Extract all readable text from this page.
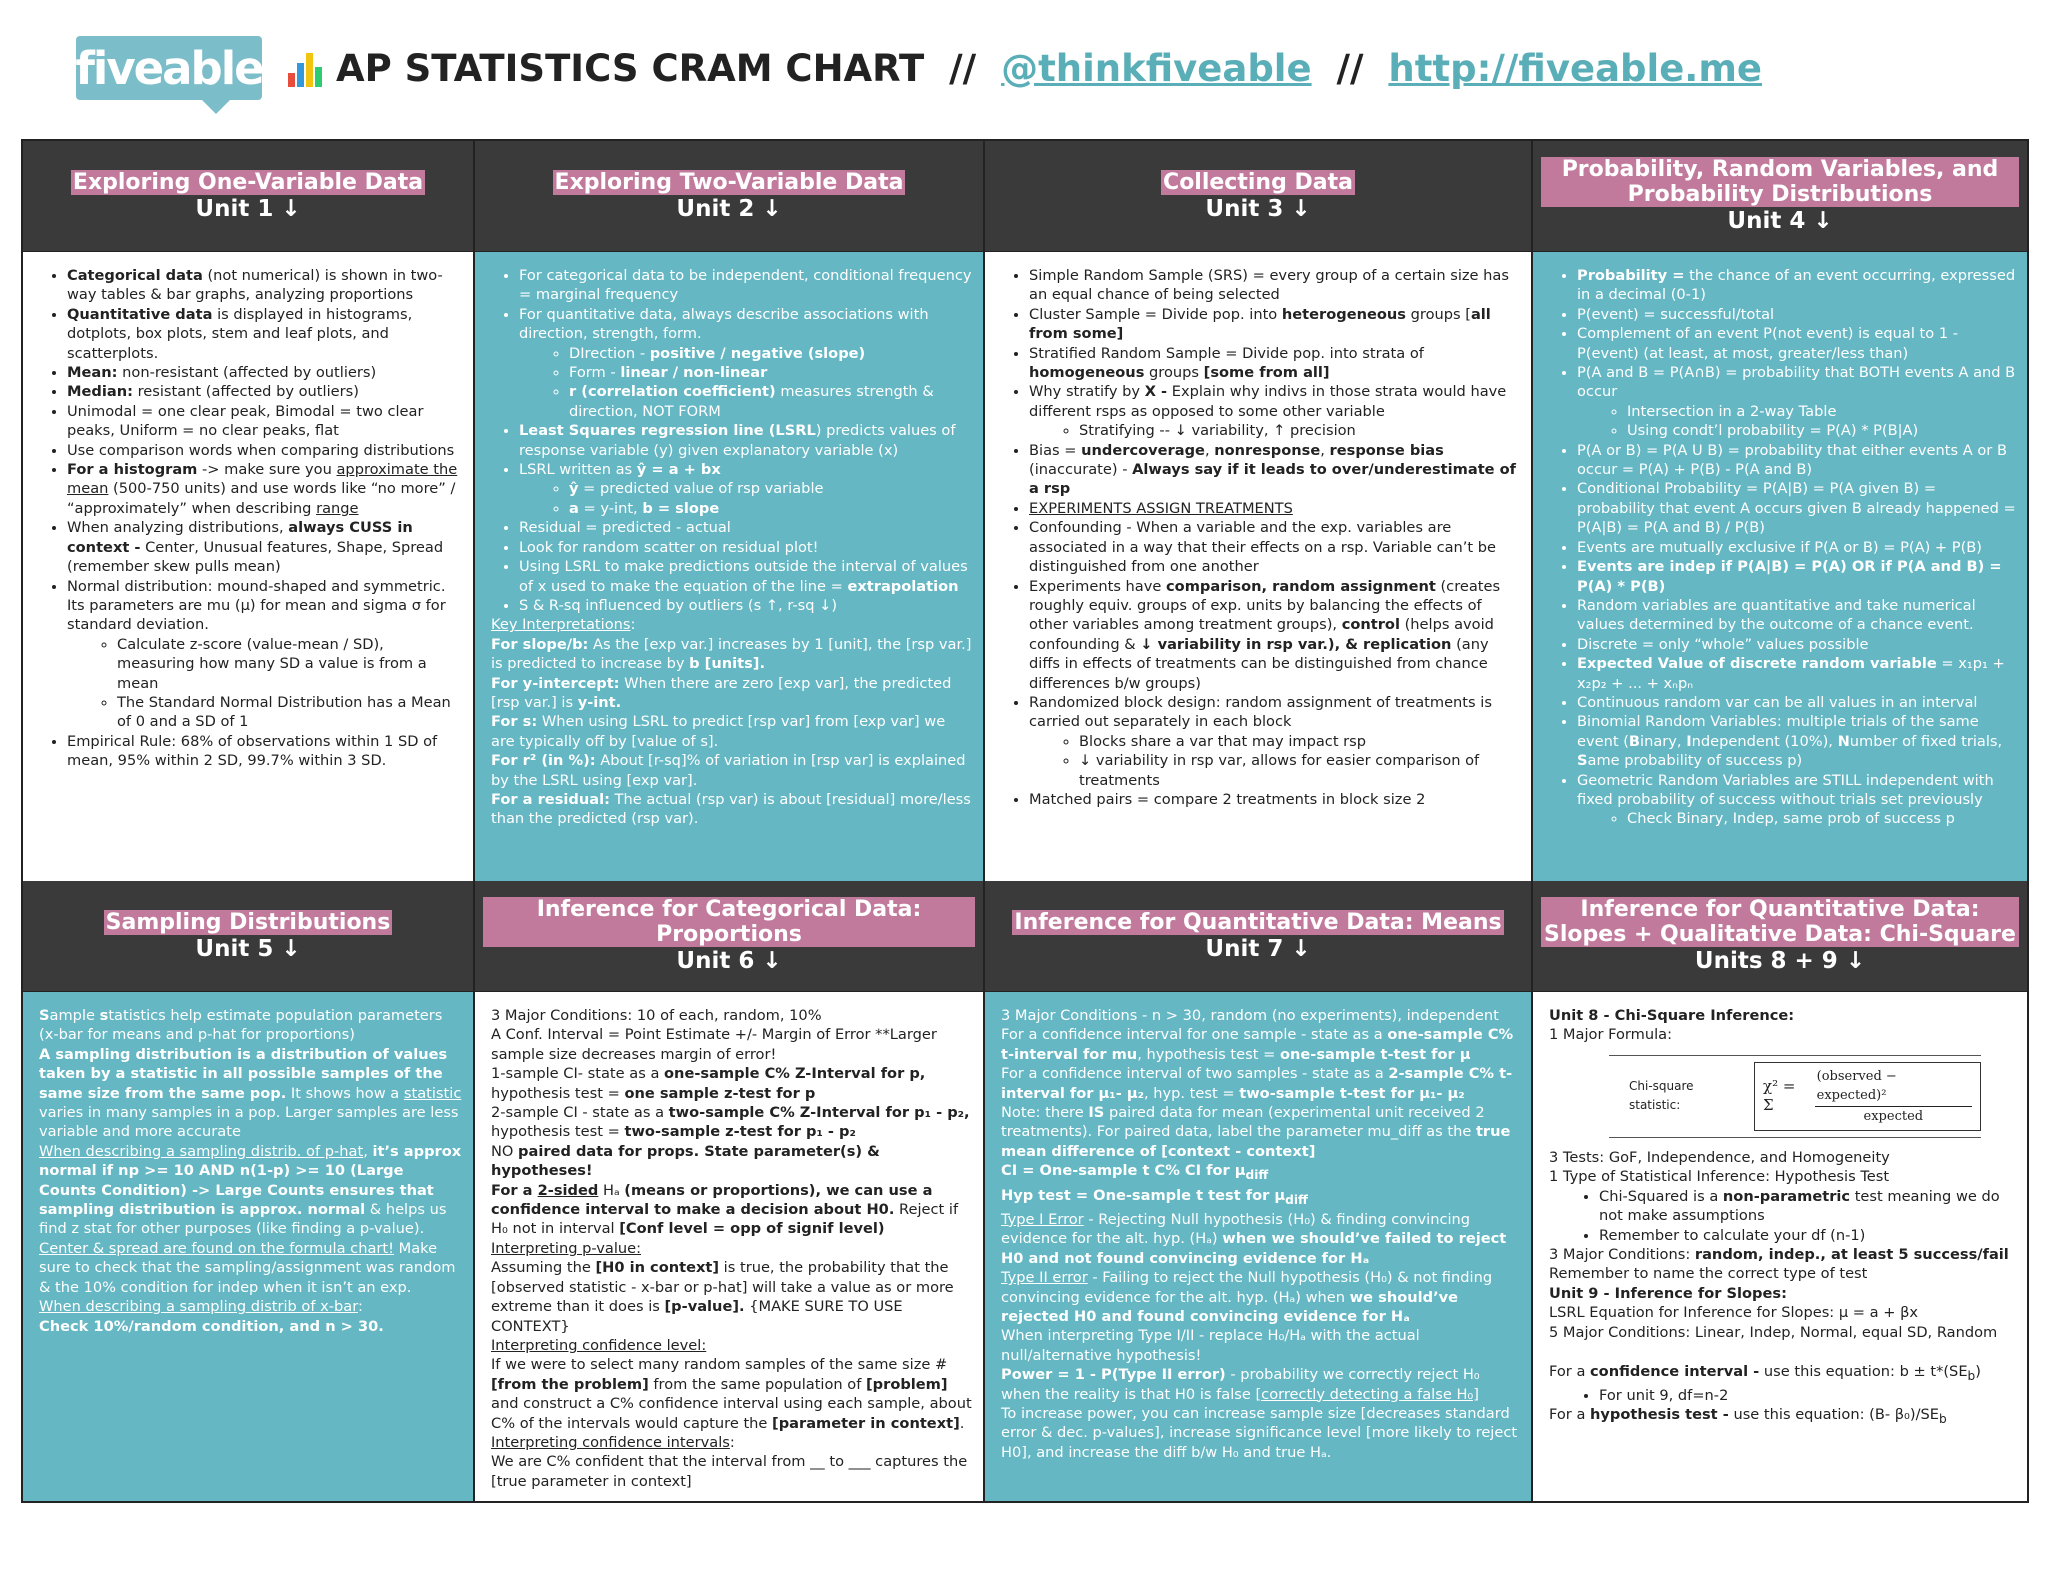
fiveable AP STATISTICS CRAM CHART // @thinkfiveable // http://fiveable.me
Exploring One-Variable Data
Unit 1 ↓
Exploring Two-Variable Data
Unit 2 ↓
Collecting Data
Unit 3 ↓
Probability, Random Variables, and Probability Distributions
Unit 4 ↓
• Categorical data (not numerical) is shown in two-way tables & bar graphs, analyzing proportions
• Quantitative data is displayed in histograms, dotplots, box plots, stem and leaf plots, and scatterplots.
• Mean: non-resistant (affected by outliers)
• Median: resistant (affected by outliers)
• Unimodal = one clear peak, Bimodal = two clear peaks, Uniform = no clear peaks, flat
• Use comparison words when comparing distributions
• For a histogram -> make sure you approximate the mean (500-750 units) and use words like “no more” / “approximately” when describing range
• When analyzing distributions, always CUSS in context - Center, Unusual features, Shape, Spread (remember skew pulls mean)
• Normal distribution: mound-shaped and symmetric. Its parameters are mu (μ) for mean and sigma σ for standard deviation.
◦ Calculate z-score (value-mean / SD), measuring how many SD a value is from a mean
◦ The Standard Normal Distribution has a Mean of 0 and a SD of 1
• Empirical Rule: 68% of observations within 1 SD of mean, 95% within 2 SD, 99.7% within 3 SD.
• For categorical data to be independent, conditional frequency = marginal frequency
• For quantitative data, always describe associations with direction, strength, form.
◦ DIrection - positive / negative (slope)
◦ Form - linear / non-linear
◦ r (correlation coefficient) measures strength & direction, NOT FORM
• Least Squares regression line (LSRL) predicts values of response variable (y) given explanatory variable (x)
• LSRL written as ŷ = a + bx
◦ ŷ = predicted value of rsp variable
◦ a = y-int, b = slope
• Residual = predicted - actual
• Look for random scatter on residual plot!
• Using LSRL to make predictions outside the interval of values of x used to make the equation of the line = extrapolation
• S & R-sq influenced by outliers (s ↑, r-sq ↓)

Key Interpretations:

For slope/b: As the [exp var.] increases by 1 [unit], the [rsp var.] is predicted to increase by b [units].

For y-intercept: When there are zero [exp var], the predicted [rsp var.] is y-int.

For s: When using LSRL to predict [rsp var] from [exp var] we are typically off by [value of s].

For r² (in %): About [r-sq]% of variation in [rsp var] is explained by the LSRL using [exp var].

For a residual: The actual (rsp var) is about [residual] more/less than the predicted (rsp var).

• Simple Random Sample (SRS) = every group of a certain size has an equal chance of being selected
• Cluster Sample = Divide pop. into heterogeneous groups [all from some]
• Stratified Random Sample = Divide pop. into strata of homogeneous groups [some from all]
• Why stratify by X - Explain why indivs in those strata would have different rsps as opposed to some other variable
◦ Stratifying -- ↓ variability, ↑ precision
• Bias = undercoverage, nonresponse, response bias (inaccurate) - Always say if it leads to over/underestimate of a rsp
• EXPERIMENTS ASSIGN TREATMENTS
• Confounding - When a variable and the exp. variables are associated in a way that their effects on a rsp. Variable can’t be distinguished from one another
• Experiments have comparison, random assignment (creates roughly equiv. groups of exp. units by balancing the effects of other variables among treatment groups), control (helps avoid confounding & ↓ variability in rsp var.), & replication (any diffs in effects of treatments can be distinguished from chance differences b/w groups)
• Randomized block design: random assignment of treatments is carried out separately in each block
◦ Blocks share a var that may impact rsp
◦ ↓ variability in rsp var, allows for easier comparison of treatments
• Matched pairs = compare 2 treatments in block size 2
• Probability = the chance of an event occurring, expressed in a decimal (0-1)
• P(event) = successful/total
• Complement of an event P(not event) is equal to 1 - P(event) (at least, at most, greater/less than)
• P(A and B = P(A∩B) = probability that BOTH events A and B occur
◦ Intersection in a 2-way Table
◦ Using condt’l probability = P(A) * P(B|A)
• P(A or B) = P(A U B) = probability that either events A or B occur = P(A) + P(B) - P(A and B)
• Conditional Probability = P(A|B) = P(A given B) = probability that event A occurs given B already happened = P(A|B) = P(A and B) / P(B)
• Events are mutually exclusive if P(A or B) = P(A) + P(B)
• Events are indep if P(A|B) = P(A) OR if P(A and B) = P(A) * P(B)
• Random variables are quantitative and take numerical values determined by the outcome of a chance event.
• Discrete = only “whole” values possible
• Expected Value of discrete random variable = x₁p₁ + x₂p₂ + ... + xₙpₙ
• Continuous random var can be all values in an interval
• Binomial Random Variables: multiple trials of the same event (Binary, Independent (10%), Number of fixed trials, Same probability of success p)
• Geometric Random Variables are STILL independent with fixed probability of success without trials set previously
◦ Check Binary, Indep, same prob of success p
Sampling Distributions
Unit 5 ↓
Inference for Categorical Data: Proportions
Unit 6 ↓
Inference for Quantitative Data: Means
Unit 7 ↓
Inference for Quantitative Data: Slopes + Qualitative Data: Chi-Square
Units 8 + 9 ↓

Sample statistics help estimate population parameters (x-bar for means and p-hat for proportions)

A sampling distribution is a distribution of values taken by a statistic in all possible samples of the same size from the same pop. It shows how a statistic varies in many samples in a pop. Larger samples are less variable and more accurate

When describing a sampling distrib. of p-hat, it’s approx normal if np >= 10 AND n(1-p) >= 10 (Large Counts Condition) -> Large Counts ensures that sampling distribution is approx. normal & helps us find z stat for other purposes (like finding a p-value).

Center & spread are found on the formula chart! Make sure to check that the sampling/assignment was random & the 10% condition for indep when it isn’t an exp.

When describing a sampling distrib of x-bar:

Check 10%/random condition, and n > 30.

3 Major Conditions: 10 of each, random, 10%

A Conf. Interval = Point Estimate +/- Margin of Error **Larger sample size decreases margin of error!

1-sample CI- state as a one-sample C% Z-Interval for p, hypothesis test = one sample z-test for p

2-sample CI - state as a two-sample C% Z-Interval for p₁ - p₂, hypothesis test = two-sample z-test for p₁ - p₂

NO paired data for props. State parameter(s) & hypotheses!

For a 2-sided Hₐ (means or proportions), we can use a confidence interval to make a decision about H0. Reject if H₀ not in interval [Conf level = opp of signif level)

Interpreting p-value:

Assuming the [H0 in context] is true, the probability that the [observed statistic - x-bar or p-hat] will take a value as or more extreme than it does is [p-value]. {MAKE SURE TO USE CONTEXT}

Interpreting confidence level:

If we were to select many random samples of the same size # [from the problem] from the same population of [problem] and construct a C% confidence interval using each sample, about C% of the intervals would capture the [parameter in context].

Interpreting confidence intervals:

We are C% confident that the interval from __ to ___ captures the [true parameter in context]

3 Major Conditions - n > 30, random (no experiments), independent

For a confidence interval for one sample - state as a one-sample C% t-interval for mu, hypothesis test = one-sample t-test for μ

For a confidence interval of two samples - state as a 2-sample C% t-interval for μ₁- μ₂, hyp. test = two-sample t-test for μ₁- μ₂

Note: there IS paired data for mean (experimental unit received 2 treatments). For paired data, label the parameter mu_diff as the true mean difference of [context - context]

CI = One-sample t C% CI for $\mu_{diff}$

Hyp test = One-sample t test for $\mu_{diff}$

Type I Error - Rejecting Null hypothesis (H₀) & finding convincing evidence for the alt. hyp. (Hₐ) when we should’ve failed to reject H0 and not found convincing evidence for Hₐ

Type II error - Failing to reject the Null hypothesis (H₀) & not finding convincing evidence for the alt. hyp. (Hₐ) when we should’ve rejected H0 and found convincing evidence for Hₐ

When interpreting Type I/II - replace H₀/Hₐ with the actual null/alternative hypothesis!

Power = 1 - P(Type II error) - probability we correctly reject H₀ when the reality is that H0 is false [correctly detecting a false H₀]

To increase power, you can increase sample size [decreases standard error & dec. p-values], increase significance level [more likely to reject H0], and increase the diff b/w H₀ and true Hₐ.

Unit 8 - Chi-Square Inference:

1 Major Formula:

Chi-square statistic:
χ² = Σ	$\frac{\text{(observed − expected)²}}{\text{expected}}$

3 Tests: GoF, Independence, and Homogeneity

1 Type of Statistical Inference: Hypothesis Test

• Chi-Squared is a non-parametric test meaning we do not make assumptions
• Remember to calculate your df (n-1)

3 Major Conditions: random, indep., at least 5 success/fail

Remember to name the correct type of test

Unit 9 - Inference for Slopes:

LSRL Equation for Inference for Slopes: μ = a + βx

5 Major Conditions: Linear, Indep, Normal, equal SD, Random

For a confidence interval - use this equation: $b \pm t*(SE_b)$

• For unit 9, df=n-2

For a hypothesis test - use this equation: (B- $\beta_0)/SE_b$
